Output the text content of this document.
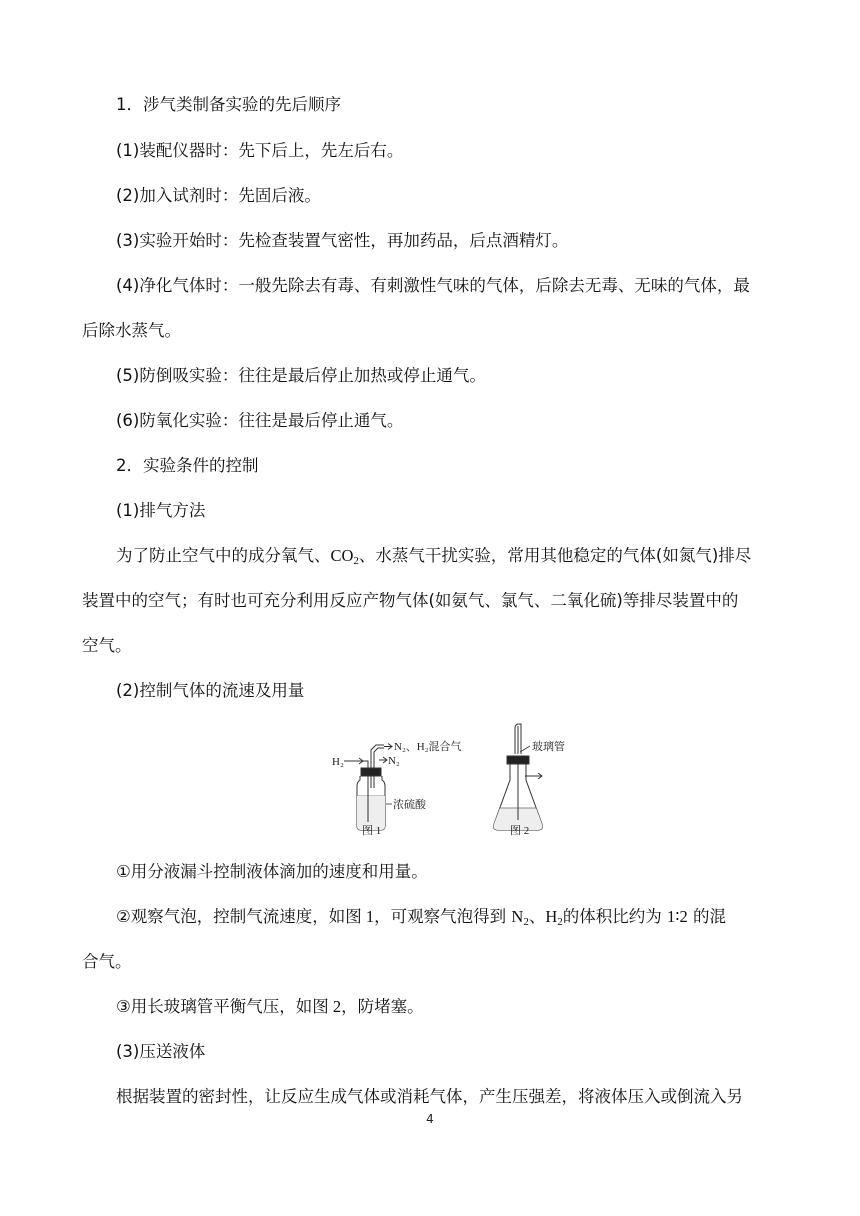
1．涉气类制备实验的先后顺序

(1)装配仪器时：先下后上，先左后右。

(2)加入试剂时：先固后液。

(3)实验开始时：先检查装置气密性，再加药品，后点酒精灯。

(4)净化气体时：一般先除去有毒、有刺激性气味的气体，后除去无毒、无味的气体，最

后除水蒸气。

(5)防倒吸实验：往往是最后停止加热或停止通气。

(6)防氧化实验：往往是最后停止通气。

2．实验条件的控制

(1)排气方法

为了防止空气中的成分氧气、$CO_2$、水蒸气干扰实验，常用其他稳定的气体(如氮气)排尽

装置中的空气；有时也可充分利用反应产物气体(如氨气、氯气、二氧化硫)等排尽装置中的

空气。

(2)控制气体的流速及用量

H₂
N₂、H₂混合气
N₂
浓硫酸
图 1
玻璃管
图 2

①用分液漏斗控制液体滴加的速度和用量。

②观察气泡，控制气流速度，如图 1，可观察气泡得到 $N_2$、$H_2$的体积比约为 1∶2 的混

合气。

③用长玻璃管平衡气压，如图 2，防堵塞。

(3)压送液体

根据装置的密封性，让反应生成气体或消耗气体，产生压强差，将液体压入或倒流入另

4
